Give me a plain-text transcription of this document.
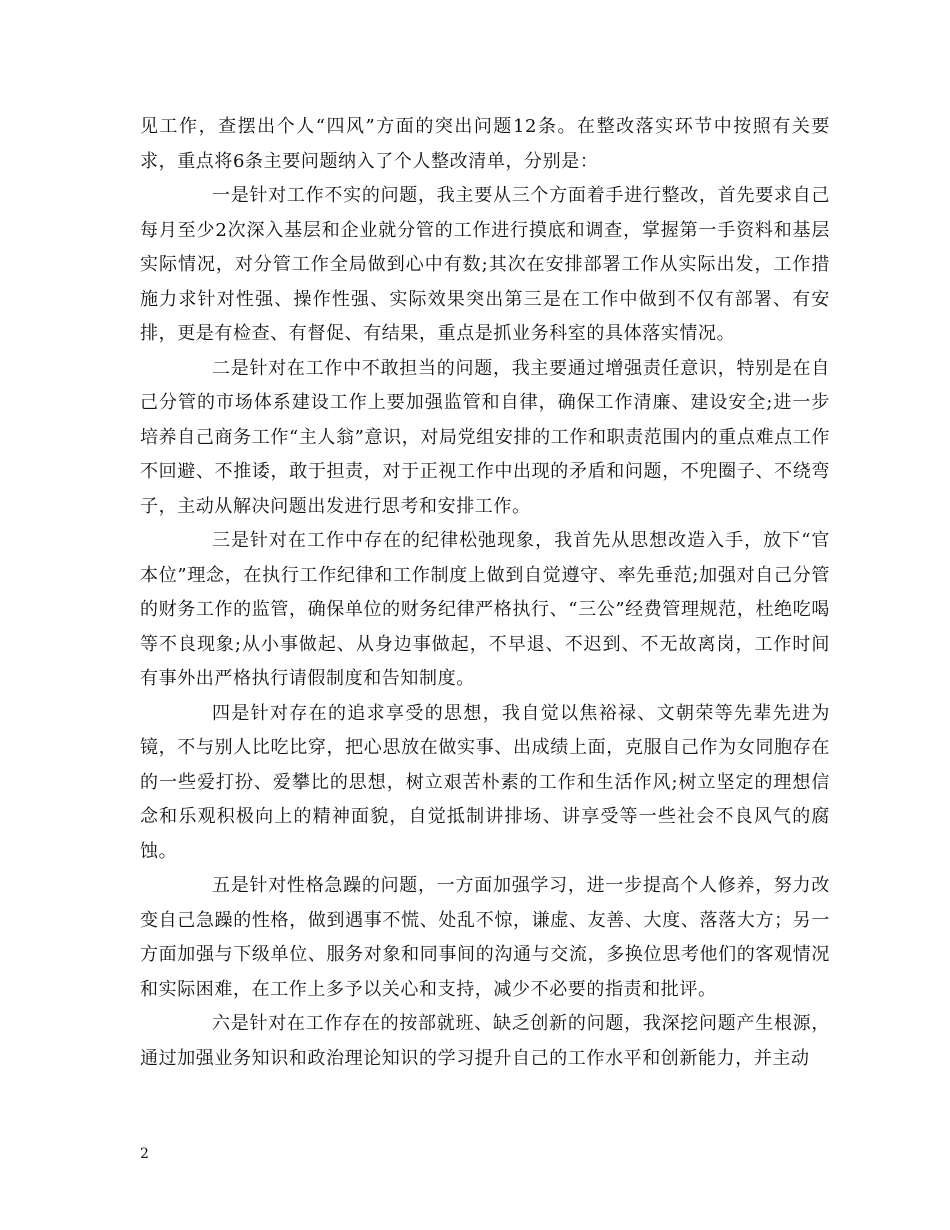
见工作，查摆出个人“四风”方面的突出问题12条。在整改落实环节中按照有关要求，重点将6条主要问题纳入了个人整改清单，分别是：

一是针对工作不实的问题，我主要从三个方面着手进行整改，首先要求自己每月至少2次深入基层和企业就分管的工作进行摸底和调查，掌握第一手资料和基层实际情况，对分管工作全局做到心中有数;其次在安排部署工作从实际出发，工作措施力求针对性强、操作性强、实际效果突出第三是在工作中做到不仅有部署、有安排，更是有检查、有督促、有结果，重点是抓业务科室的具体落实情况。

二是针对在工作中不敢担当的问题，我主要通过增强责任意识，特别是在自己分管的市场体系建设工作上要加强监管和自律，确保工作清廉、建设安全;进一步培养自己商务工作“主人翁”意识，对局党组安排的工作和职责范围内的重点难点工作不回避、不推诿，敢于担责，对于正视工作中出现的矛盾和问题，不兜圈子、不绕弯子，主动从解决问题出发进行思考和安排工作。

三是针对在工作中存在的纪律松弛现象，我首先从思想改造入手，放下“官本位”理念，在执行工作纪律和工作制度上做到自觉遵守、率先垂范;加强对自己分管的财务工作的监管，确保单位的财务纪律严格执行、“三公”经费管理规范，杜绝吃喝等不良现象;从小事做起、从身边事做起，不早退、不迟到、不无故离岗，工作时间有事外出严格执行请假制度和告知制度。

四是针对存在的追求享受的思想，我自觉以焦裕禄、文朝荣等先辈先进为镜，不与别人比吃比穿，把心思放在做实事、出成绩上面，克服自己作为女同胞存在的一些爱打扮、爱攀比的思想，树立艰苦朴素的工作和生活作风;树立坚定的理想信念和乐观积极向上的精神面貌，自觉抵制讲排场、讲享受等一些社会不良风气的腐蚀。

五是针对性格急躁的问题，一方面加强学习，进一步提高个人修养，努力改变自己急躁的性格，做到遇事不慌、处乱不惊，谦虚、友善、大度、落落大方；另一方面加强与下级单位、服务对象和同事间的沟通与交流，多换位思考他们的客观情况和实际困难，在工作上多予以关心和支持，减少不必要的指责和批评。

六是针对在工作存在的按部就班、缺乏创新的问题，我深挖问题产生根源，通过加强业务知识和政治理论知识的学习提升自己的工作水平和创新能力，并主动

2
